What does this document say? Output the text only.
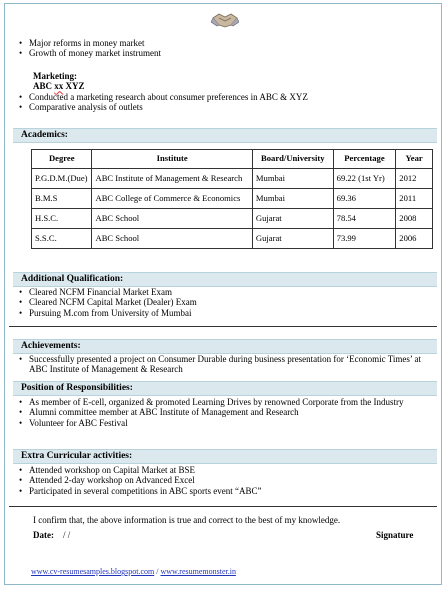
• Major reforms in money market
• Growth of money market instrument
Marketing:
ABC xx XYZ
• Conducted a marketing research about consumer preferences in ABC & XYZ
• Comparative analysis of outlets
Academics:
Degree	Institute	Board/University	Percentage	Year
P.G.D.M.(Due)	ABC Institute of Management & Research	Mumbai	69.22 (1st Yr)	2012
B.M.S	ABC College of Commerce & Economics	Mumbai	69.36	2011
H.S.C.	ABC School	Gujarat	78.54	2008
S.S.C.	ABC School	Gujarat	73.99	2006
Additional Qualification:
• Cleared NCFM Financial Market Exam
• Cleared NCFM Capital Market (Dealer) Exam
• Pursuing M.com from University of Mumbai
Achievements:
• Successfully presented a project on Consumer Durable during business presentation for ‘Economic Times’ at ABC Institute of Management & Research
Position of Responsibilities:
• As member of E-cell, organized & promoted Learning Drives by renowned Corporate from the Industry
• Alumni committee member at ABC Institute of Management and Research
• Volunteer for ABC Festival
Extra Curricular activities:
• Attended workshop on Capital Market at BSE
• Attended 2-day workshop on Advanced Excel
• Participated in several competitions in ABC sports event “ABC”
I confirm that, the above information is true and correct to the best of my knowledge.
Date: / /	Signature
www.cv-resumesamples.blogspot.com / www.resumemonster.in
